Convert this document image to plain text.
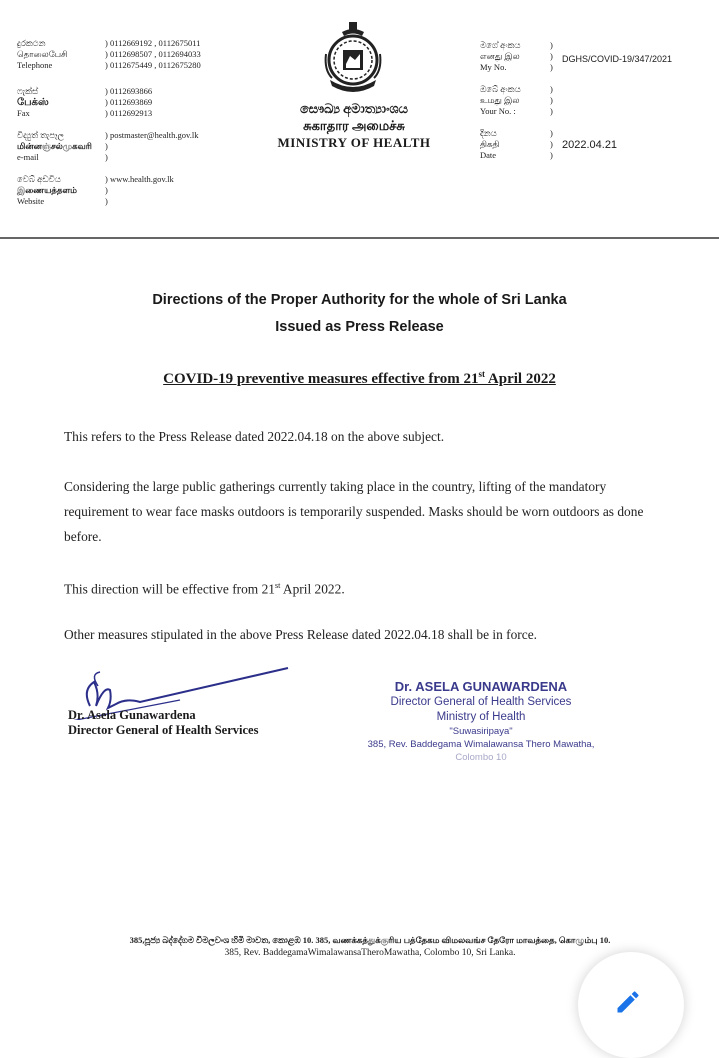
දුරකථන
தொலைபேசி
Telephone
) 0112669192 , 0112675011
) 0112698507 , 0112694033
) 0112675449 , 0112675280
ෆැක්ස්
பேக்ஸ்
Fax
) 0112693866
) 0112693869
) 0112692913
විද්‍යුත් තැපෑල
மின்னஞ்சல்முகவரி
e-mail
) postmaster@health.gov.lk
)
)
වෙබ් අඩවිය
இணையத்தளம்
Website
) www.health.gov.lk
)
)
සෞඛ්‍ය අමාත්‍යාංශය
சுகாதார அமைச்சு
MINISTRY OF HEALTH
මගේ අංකය
எனது இல
My No.
)
)
)
DGHS/COVID-19/347/2021
ඔබේ අංකය
உமது இல
Your No. :
)
)
)
දිනය
திகதி
Date
)
)
)
2022.04.21
Directions of the Proper Authority for the whole of Sri Lanka
Issued as Press Release
COVID-19 preventive measures effective from 21st April 2022
This refers to the Press Release dated 2022.04.18 on the above subject.
Considering the large public gatherings currently taking place in the country, lifting of the mandatory requirement to wear face masks outdoors is temporarily suspended. Masks should be worn outdoors as done before.
This direction will be effective from 21st April 2022.
Other measures stipulated in the above Press Release dated 2022.04.18 shall be in force.
Dr. Asela Gunawardena
Director General of Health Services
Dr. ASELA GUNAWARDENA
Director General of Health Services
Ministry of Health
"Suwasiripaya"
385, Rev. Baddegama Wimalawansa Thero Mawatha,
Colombo 10
385,පූජ්‍ය බද්දේගම විමලවංශ හිමි මාවත, කොළඹ 10. 385, வணக்கத்துக்குரிய பத்தேகம விமலவங்ச தேரோ மாவத்தை, கொழும்பு 10.
385, Rev. BaddegamaWimalawansaTheroMawatha, Colombo 10, Sri Lanka.
